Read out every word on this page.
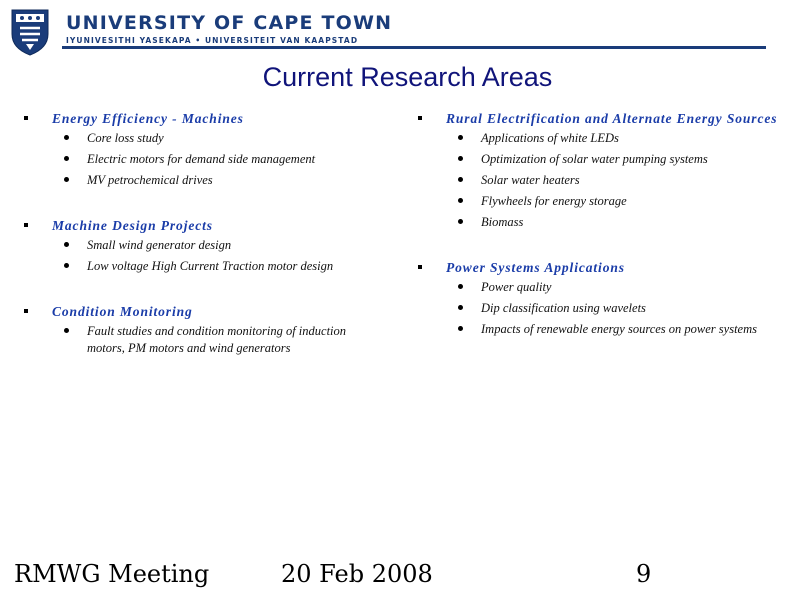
UNIVERSITY OF CAPE TOWN
IYUNIVESITHI YASEKAPA • UNIVERSITEIT VAN KAAPSTAD
Current Research Areas
Energy Efficiency - Machines
Core loss study
Electric motors for demand side management
MV petrochemical drives
Machine Design Projects
Small wind generator design
Low voltage High Current Traction motor design
Condition Monitoring
Fault studies and condition monitoring of induction motors, PM motors and wind generators
Rural Electrification and Alternate Energy Sources
Applications of white LEDs
Optimization of solar water pumping systems
Solar water heaters
Flywheels for energy storage
Biomass
Power Systems Applications
Power quality
Dip classification using wavelets
Impacts of renewable energy sources on power systems
RMWG Meeting	20 Feb 2008	9
